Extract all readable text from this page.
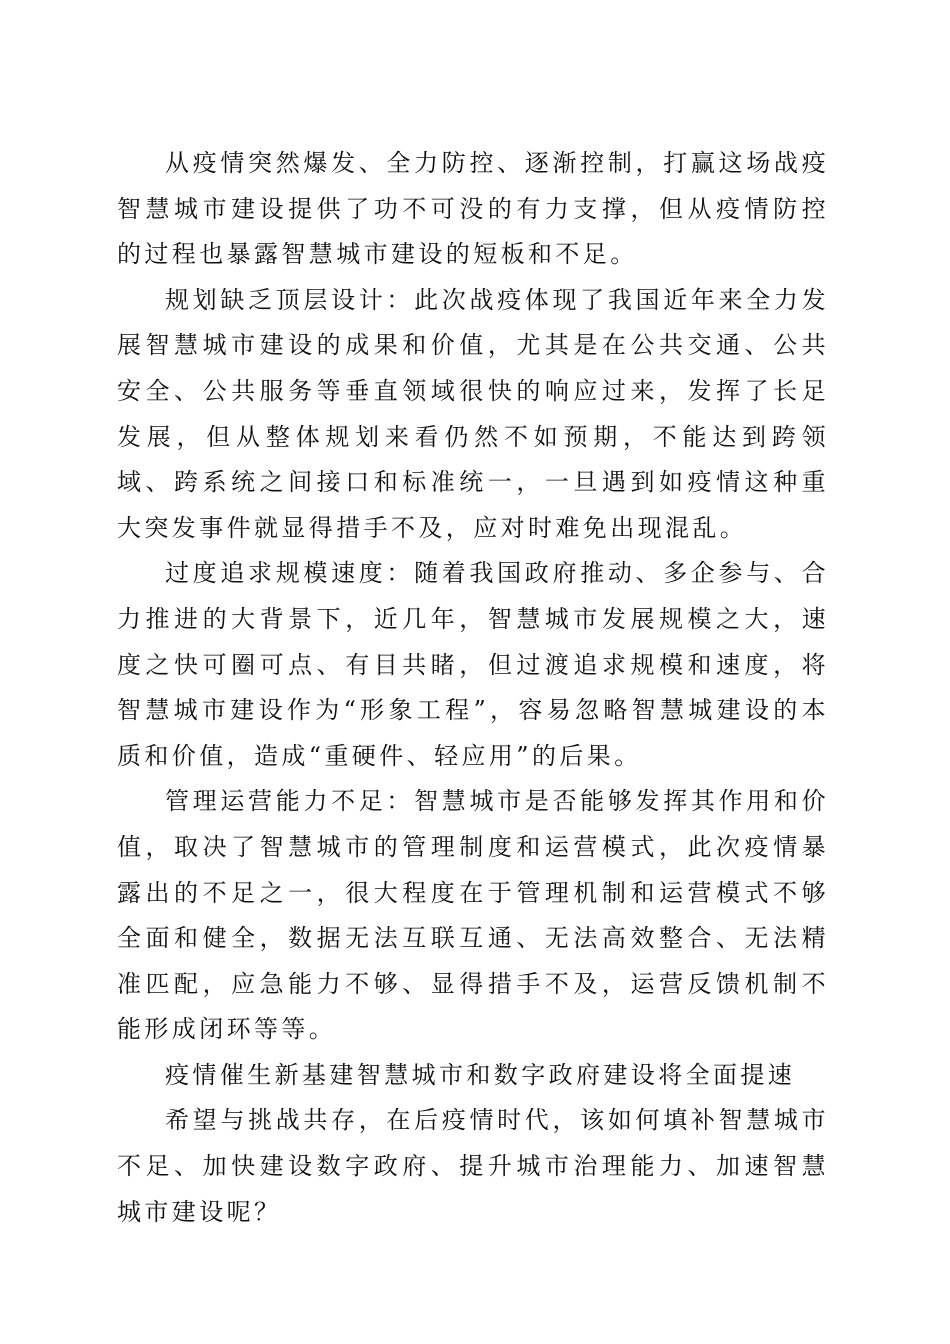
从疫情突然爆发、全力防控、逐渐控制，打赢这场战疫智慧城市建设提供了功不可没的有力支撑，但从疫情防控的过程也暴露智慧城市建设的短板和不足。

规划缺乏顶层设计：此次战疫体现了我国近年来全力发展智慧城市建设的成果和价值，尤其是在公共交通、公共安全、公共服务等垂直领域很快的响应过来，发挥了长足发展，但从整体规划来看仍然不如预期，不能达到跨领域、跨系统之间接口和标准统一，一旦遇到如疫情这种重大突发事件就显得措手不及，应对时难免出现混乱。

过度追求规模速度：随着我国政府推动、多企参与、合力推进的大背景下，近几年，智慧城市发展规模之大，速度之快可圈可点、有目共睹，但过渡追求规模和速度，将智慧城市建设作为“形象工程”，容易忽略智慧城建设的本质和价值，造成“重硬件、轻应用”的后果。

管理运营能力不足：智慧城市是否能够发挥其作用和价值，取决了智慧城市的管理制度和运营模式，此次疫情暴露出的不足之一，很大程度在于管理机制和运营模式不够全面和健全，数据无法互联互通、无法高效整合、无法精准匹配，应急能力不够、显得措手不及，运营反馈机制不能形成闭环等等。

疫情催生新基建智慧城市和数字政府建设将全面提速

希望与挑战共存，在后疫情时代，该如何填补智慧城市不足、加快建设数字政府、提升城市治理能力、加速智慧城市建设呢？
